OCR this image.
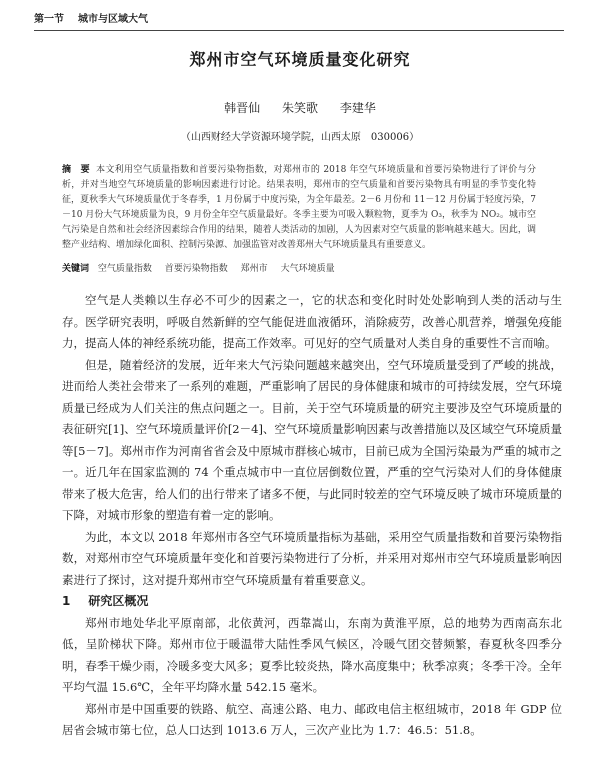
第一节 城市与区域大气
郑州市空气环境质量变化研究
韩晋仙 朱笑歌 李建华
（山西财经大学资源环境学院，山西太原　030006）
摘　要 本文利用空气质量指数和首要污染物指数，对郑州市的 2018 年空气环境质量和首要污染物进行了评价与分析，并对当地空气环境质量的影响因素进行讨论。结果表明，郑州市的空气质量和首要污染物具有明显的季节变化特征，夏秋季大气环境质量优于冬春季，1 月份属于中度污染，为全年最差。2－6 月份和 11－12 月份属于轻度污染，7－10 月份大气环境质量为良，9 月份全年空气质量最好。冬季主要为可吸入颗粒物，夏季为 O₃，秋季为 NO₂。城市空气污染是自然和社会经济因素综合作用的结果，随着人类活动的加剧，人为因素对空气质量的影响越来越大。因此，调整产业结构、增加绿化面积、控制污染源、加强监管对改善郑州大气环境质量具有重要意义。
关键词 空气质量指数 首要污染物指数 郑州市 大气环境质量

空气是人类赖以生存必不可少的因素之一，它的状态和变化时时处处影响到人类的活动与生存。医学研究表明，呼吸自然新鲜的空气能促进血液循环，消除疲劳，改善心肌营养，增强免疫能力，提高人体的神经系统功能，提高工作效率。可见好的空气质量对人类自身的重要性不言而喻。

但是，随着经济的发展，近年来大气污染问题越来越突出，空气环境质量受到了严峻的挑战，进而给人类社会带来了一系列的难题，严重影响了居民的身体健康和城市的可持续发展，空气环境质量已经成为人们关注的焦点问题之一。目前，关于空气环境质量的研究主要涉及空气环境质量的表征研究[1]、空气环境质量评价[2－4]、空气环境质量影响因素与改善措施以及区域空气环境质量等[5－7]。郑州市作为河南省省会及中原城市群核心城市，目前已成为全国污染最为严重的城市之一。近几年在国家监测的 74 个重点城市中一直位居倒数位置，严重的空气污染对人们的身体健康带来了极大危害，给人们的出行带来了诸多不便，与此同时较差的空气环境反映了城市环境质量的下降，对城市形象的塑造有着一定的影响。

为此，本文以 2018 年郑州市各空气环境质量指标为基础，采用空气质量指数和首要污染物指数，对郑州市空气环境质量年变化和首要污染物进行了分析，并采用对郑州市空气环境质量影响因素进行了探讨，这对提升郑州市空气环境质量有着重要意义。

1 研究区概况

郑州市地处华北平原南部，北依黄河，西靠嵩山，东南为黄淮平原，总的地势为西南高东北低，呈阶梯状下降。郑州市位于暖温带大陆性季风气候区，冷暖气团交替频繁，春夏秋冬四季分明，春季干燥少雨，冷暖多变大风多；夏季比较炎热，降水高度集中；秋季凉爽；冬季干冷。全年平均气温 15.6℃，全年平均降水量 542.15 毫米。

郑州市是中国重要的铁路、航空、高速公路、电力、邮政电信主枢纽城市，2018 年 GDP 位居省会城市第七位，总人口达到 1013.6 万人，三次产业比为 1.7：46.5：51.8。
